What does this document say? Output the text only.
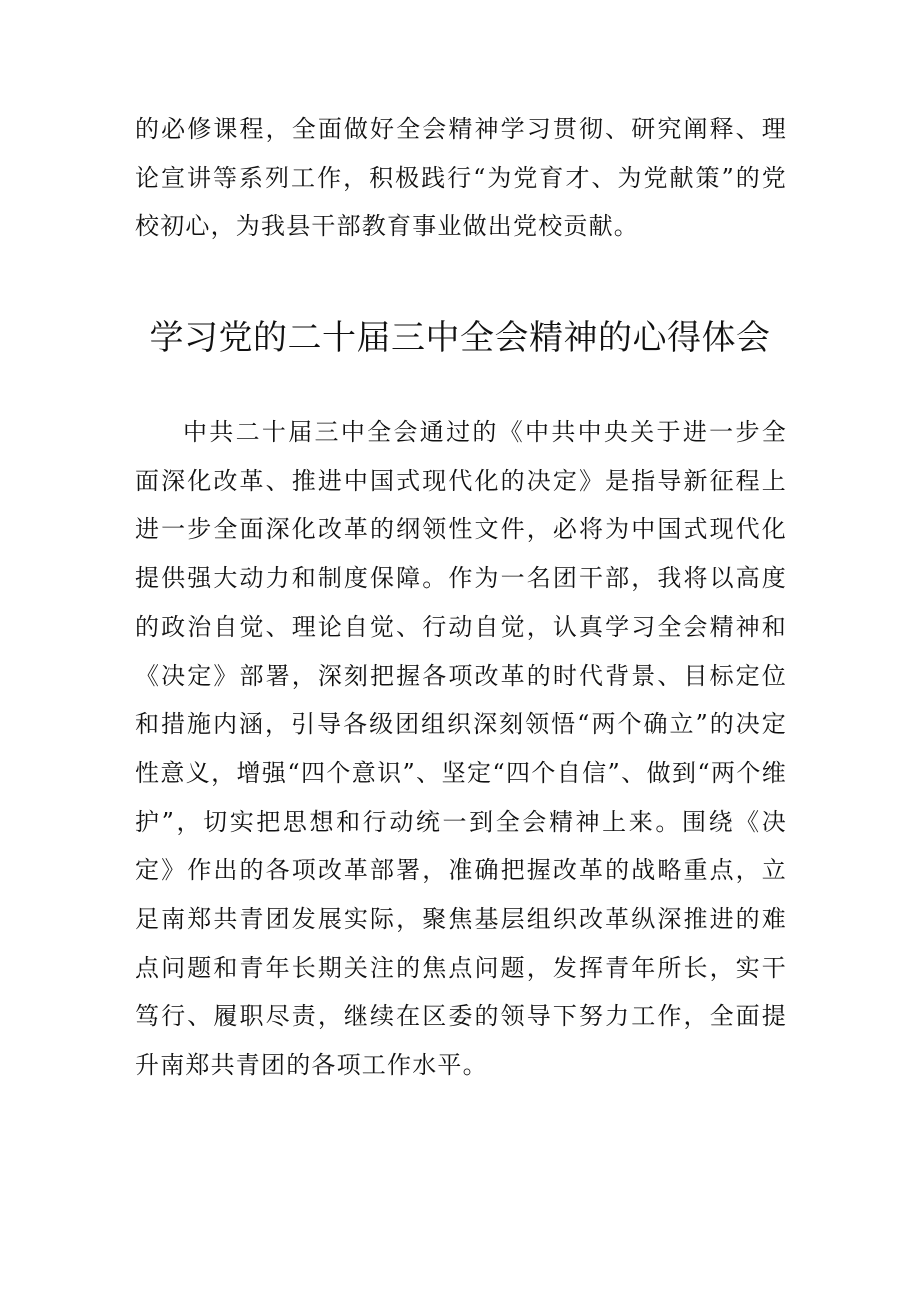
的必修课程，全面做好全会精神学习贯彻、研究阐释、理论宣讲等系列工作，积极践行“为党育才、为党献策”的党校初心，为我县干部教育事业做出党校贡献。

学习党的二十届三中全会精神的心得体会

中共二十届三中全会通过的《中共中央关于进一步全面深化改革、推进中国式现代化的决定》是指导新征程上进一步全面深化改革的纲领性文件，必将为中国式现代化提供强大动力和制度保障。作为一名团干部，我将以高度的政治自觉、理论自觉、行动自觉，认真学习全会精神和《决定》部署，深刻把握各项改革的时代背景、目标定位和措施内涵，引导各级团组织深刻领悟“两个确立”的决定性意义，增强“四个意识”、坚定“四个自信”、做到“两个维护”，切实把思想和行动统一到全会精神上来。围绕《决定》作出的各项改革部署，准确把握改革的战略重点，立足南郑共青团发展实际，聚焦基层组织改革纵深推进的难点问题和青年长期关注的焦点问题，发挥青年所长，实干笃行、履职尽责，继续在区委的领导下努力工作，全面提升南郑共青团的各项工作水平。
